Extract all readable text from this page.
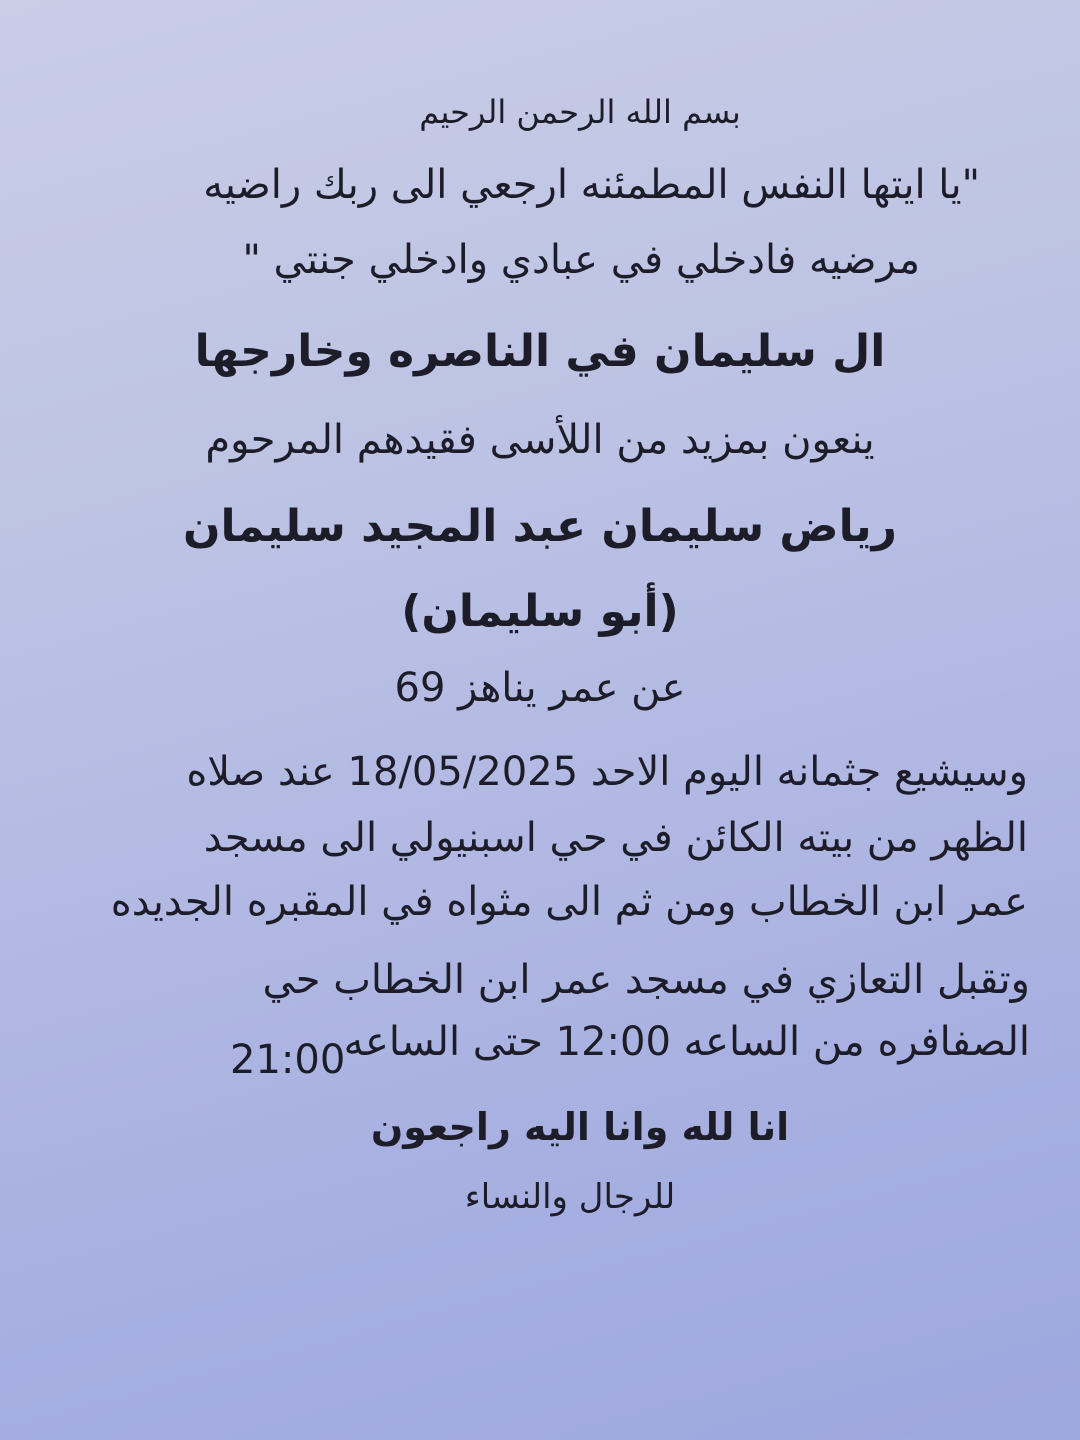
بسم الله الرحمن الرحيم
"يا ايتها النفس المطمئنه ارجعي الى ربك راضيه
مرضيه فادخلي في عبادي وادخلي جنتي "
ال سليمان في الناصره وخارجها
ينعون بمزيد من اللأسى فقيدهم المرحوم
رياض سليمان عبد المجيد سليمان
(أبو سليمان)
عن عمر يناهز 69
وسيشيع جثمانه اليوم الاحد 18/05/2025 عند صلاه
الظهر من بيته الكائن في حي اسبنيولي الى مسجد
عمر ابن الخطاب ومن ثم الى مثواه في المقبره الجديده
وتقبل التعازي في مسجد عمر ابن الخطاب حي
الصفافره من الساعه 12:00 حتى الساعه
21:00
انا لله وانا اليه راجعون
للرجال والنساء
